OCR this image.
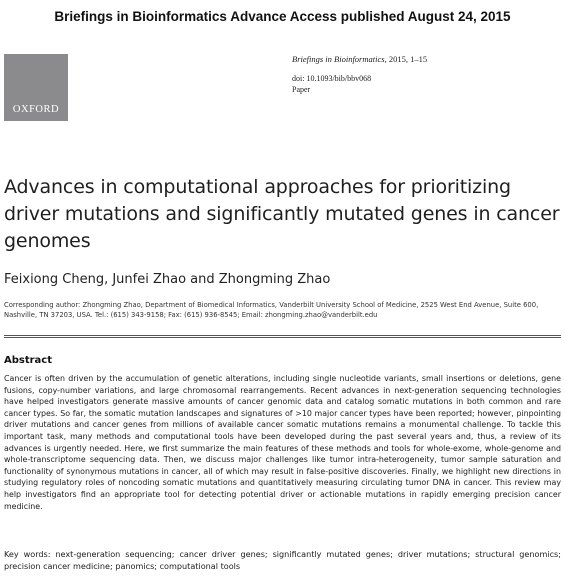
Briefings in Bioinformatics Advance Access published August 24, 2015
OXFORD
Briefings in Bioinformatics, 2015, 1–15
doi: 10.1093/bib/bbv068
Paper
Advances in computational approaches for prioritizing driver mutations and significantly mutated genes in cancer genomes
Feixiong Cheng, Junfei Zhao and Zhongming Zhao
Corresponding author: Zhongming Zhao, Department of Biomedical Informatics, Vanderbilt University School of Medicine, 2525 West End Avenue, Suite 600, Nashville, TN 37203, USA. Tel.: (615) 343-9158; Fax: (615) 936-8545; Email: zhongming.zhao@vanderbilt.edu
Abstract

Cancer is often driven by the accumulation of genetic alterations, including single nucleotide variants, small insertions or deletions, gene fusions, copy-number variations, and large chromosomal rearrangements. Recent advances in next-generation sequencing technologies have helped investigators generate massive amounts of cancer genomic data and catalog somatic mutations in both common and rare cancer types. So far, the somatic mutation landscapes and signatures of >10 major cancer types have been reported; however, pinpointing driver mutations and cancer genes from millions of available cancer somatic mutations remains a monumental challenge. To tackle this important task, many methods and computational tools have been developed during the past several years and, thus, a review of its advances is urgently needed. Here, we first summarize the main features of these methods and tools for whole-exome, whole-genome and whole-transcriptome sequencing data. Then, we discuss major challenges like tumor intra-heterogeneity, tumor sample saturation and functionality of synonymous mutations in cancer, all of which may result in false-positive discoveries. Finally, we highlight new directions in studying regulatory roles of noncoding somatic mutations and quantitatively measuring circulating tumor DNA in cancer. This review may help investigators find an appropriate tool for detecting potential driver or actionable mutations in rapidly emerging precision cancer medicine.

Key words: next-generation sequencing; cancer driver genes; significantly mutated genes; driver mutations; structural genomics; precision cancer medicine; panomics; computational tools
